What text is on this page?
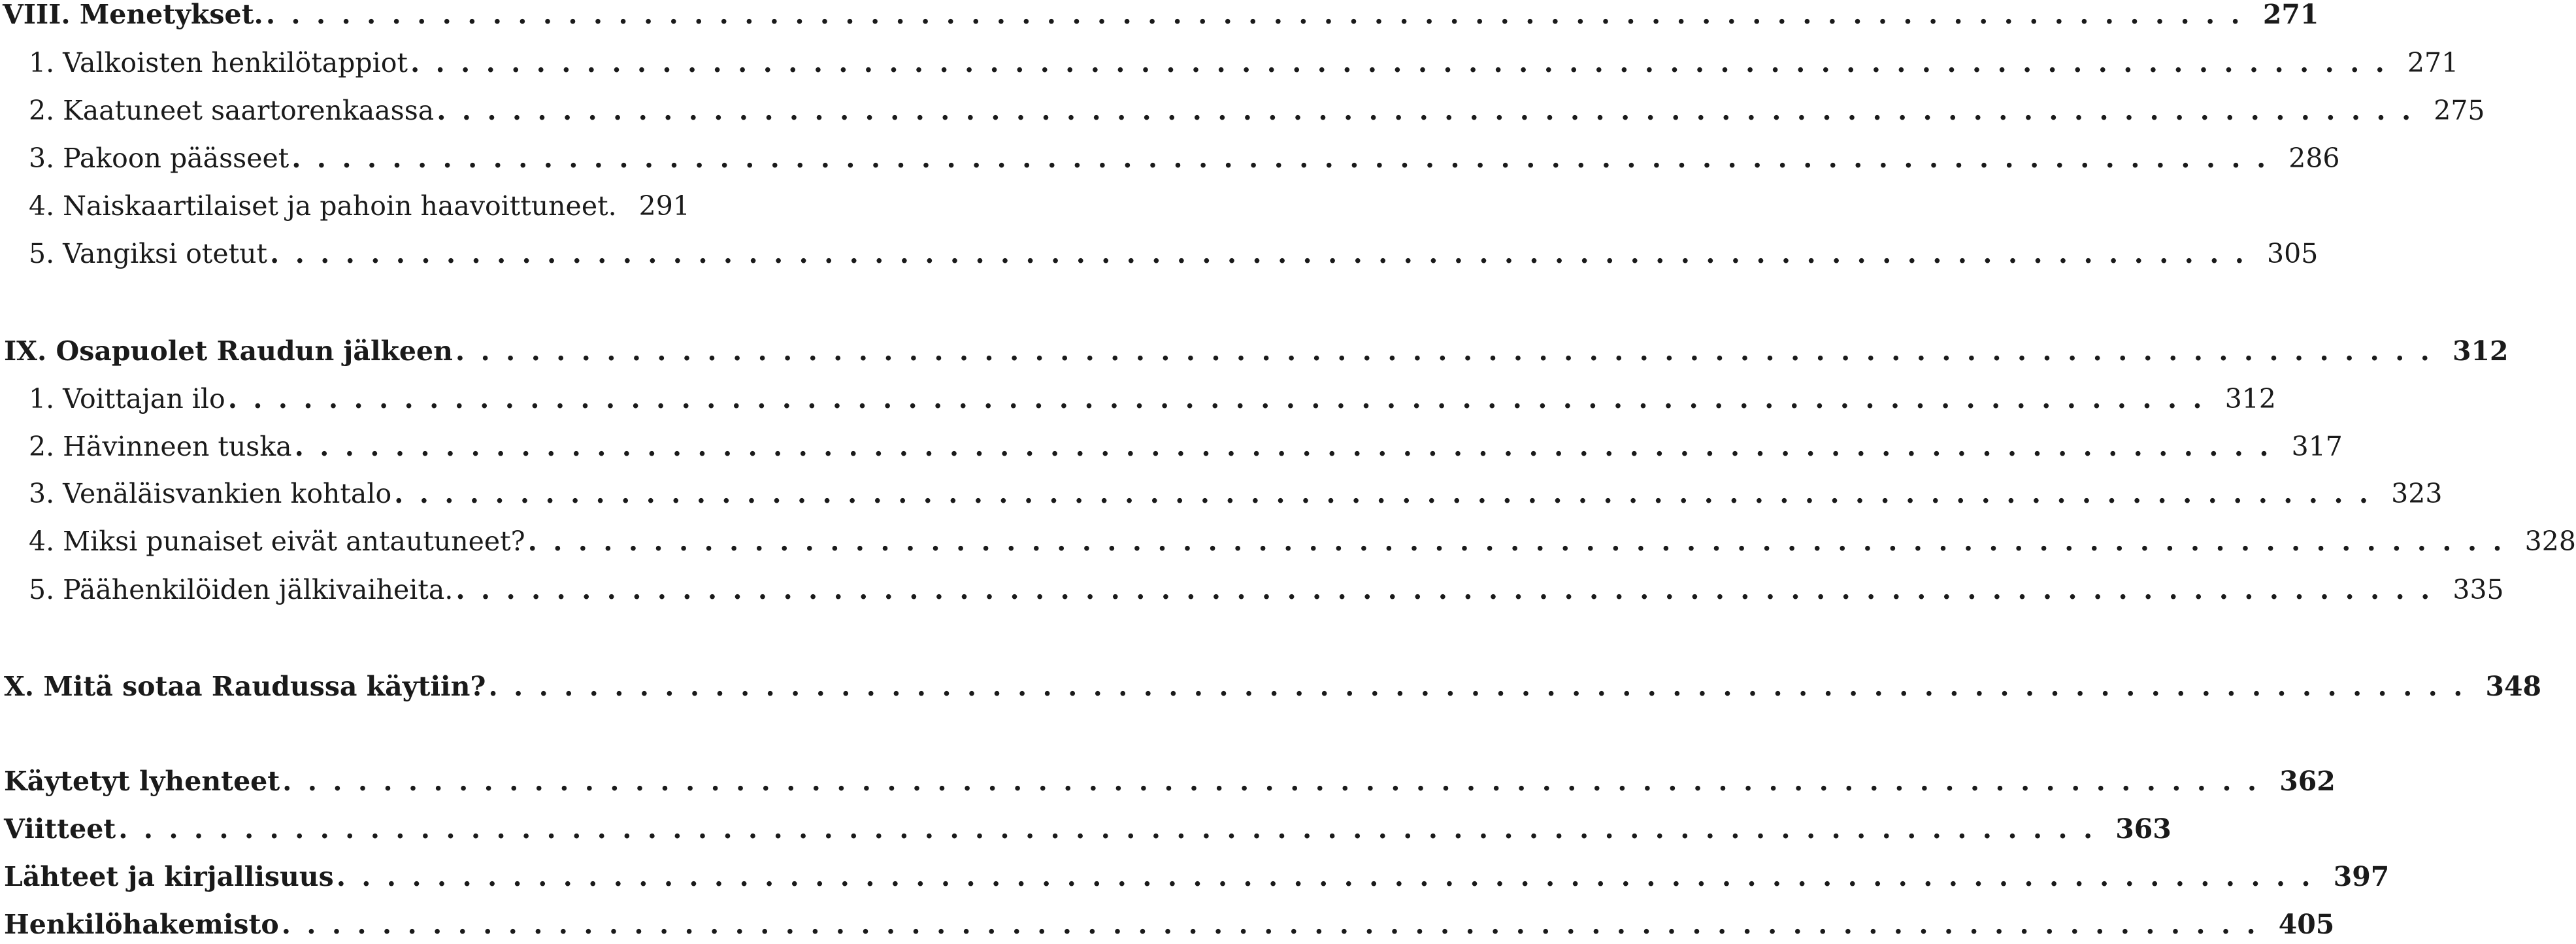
VIII. Menetykset. . . .	271
1. Valkoisten henkilötappiot . . .	271
2. Kaatuneet saartorenkaassa . . .	275
3. Pakoon päässeet . . .	286
4. Naiskaartilaiset ja pahoin haavoittuneet. 291
5. Vangiksi otetut . . .	305
IX. Osapuolet Raudun jälkeen . . .	312
1. Voittajan ilo . . .	312
2. Hävinneen tuska . . .	317
3. Venäläisvankien kohtalo . . .	323
4. Miksi punaiset eivät antautuneet? . . .	328
5. Päähenkilöiden jälkivaiheita. . . .	335
X. Mitä sotaa Raudussa käytiin? . . .	348
Käytetyt lyhenteet . . .	362
Viitteet . . .	363
Lähteet ja kirjallisuus . . .	397
Henkilöhakemisto . . .	405
